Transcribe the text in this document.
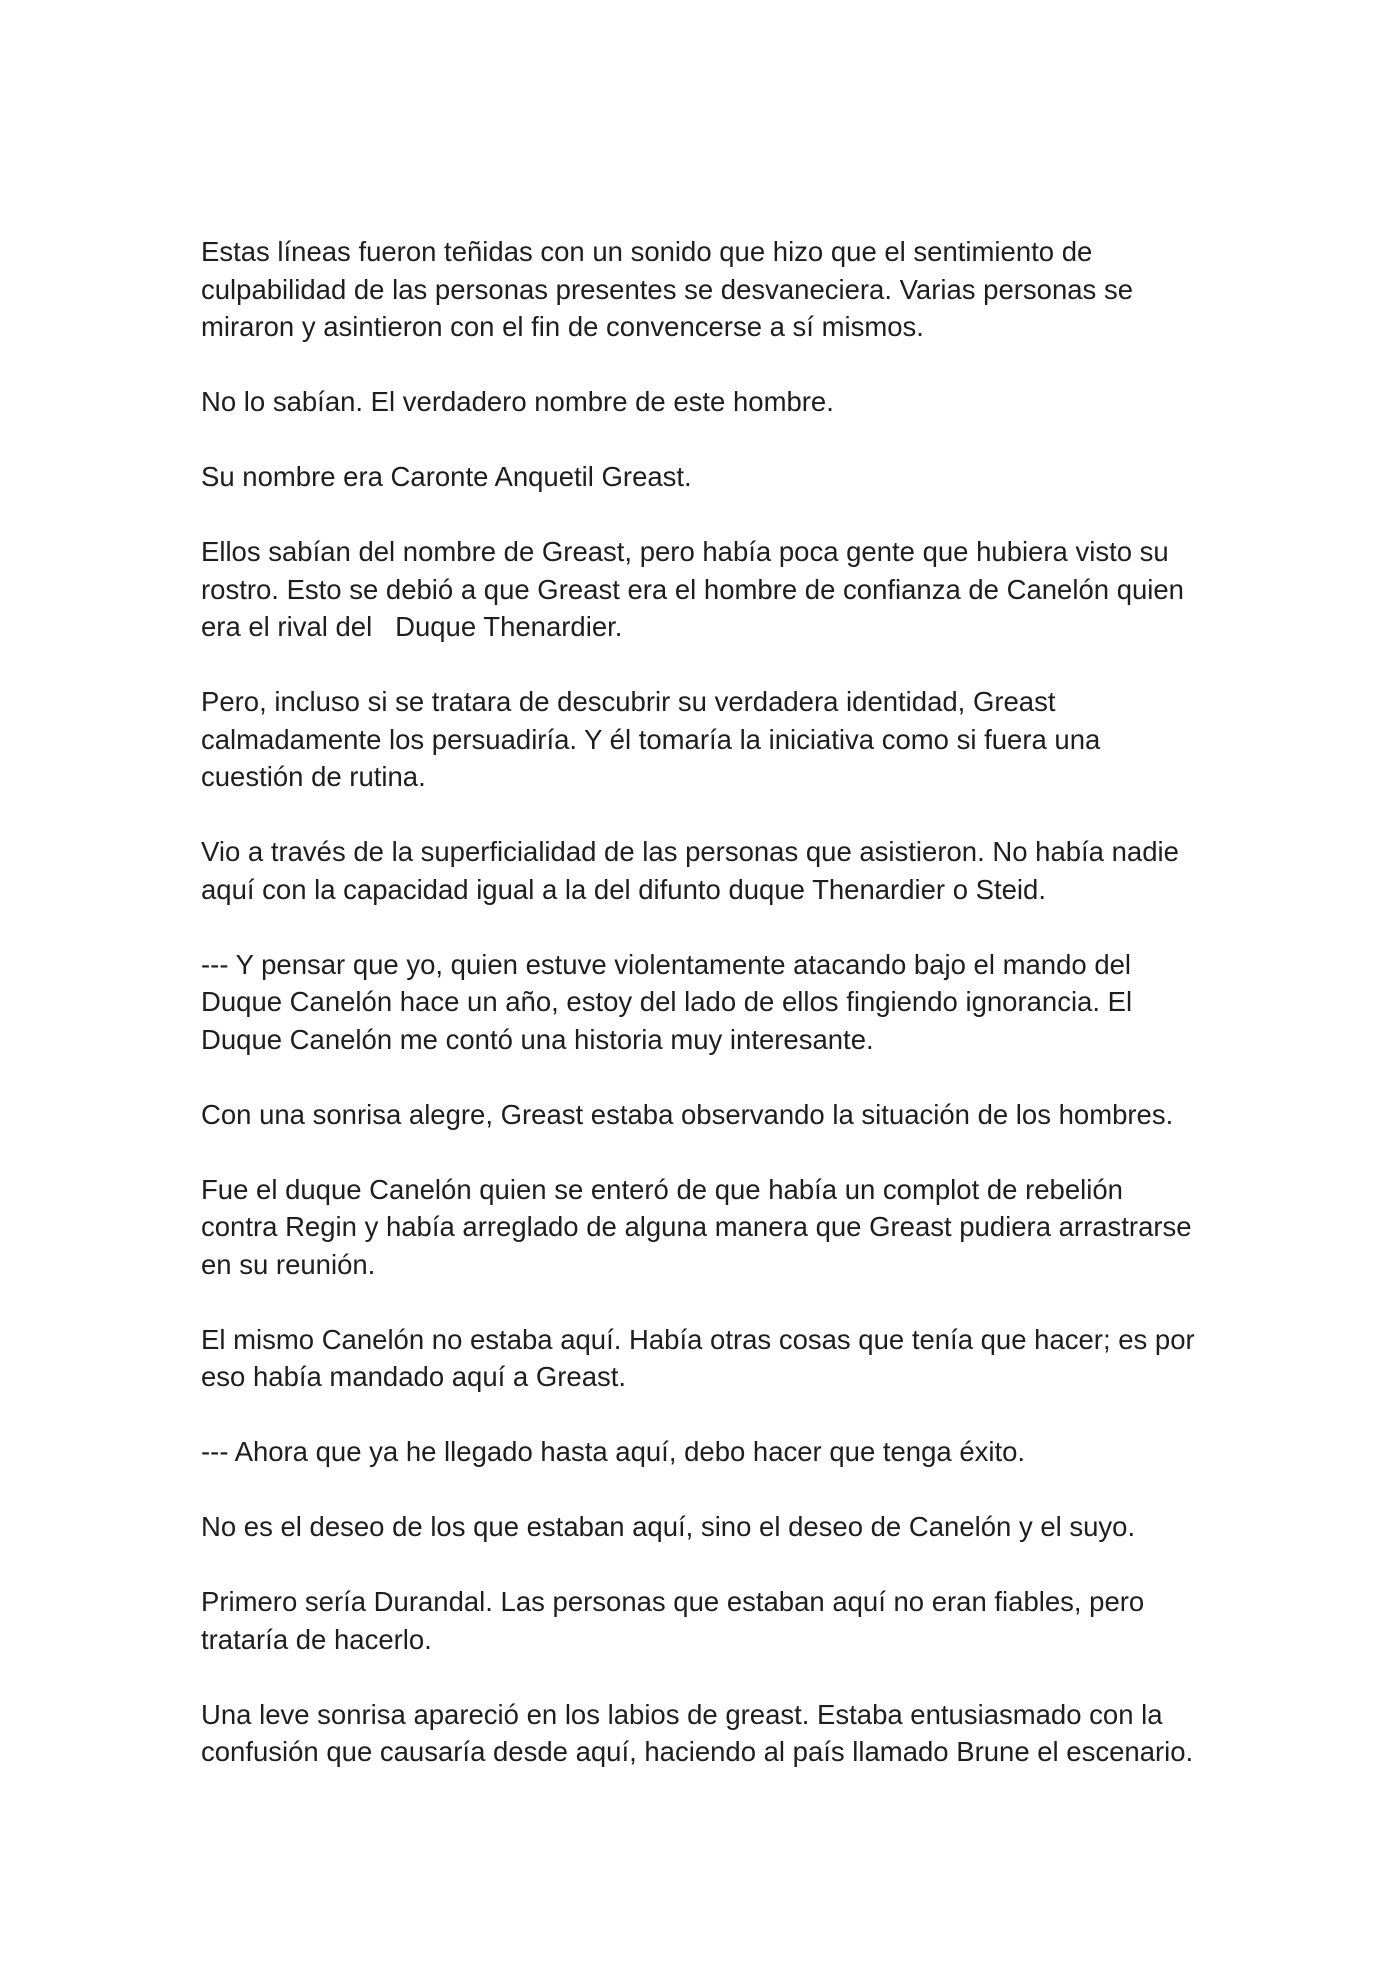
Estas líneas fueron teñidas con un sonido que hizo que el sentimiento de
culpabilidad de las personas presentes se desvaneciera. Varias personas se
miraron y asintieron con el fin de convencerse a sí mismos.

No lo sabían. El verdadero nombre de este hombre.

Su nombre era Caronte Anquetil Greast.

Ellos sabían del nombre de Greast, pero había poca gente que hubiera visto su
rostro. Esto se debió a que Greast era el hombre de confianza de Canelón quien
era el rival del   Duque Thenardier.

Pero, incluso si se tratara de descubrir su verdadera identidad, Greast
calmadamente los persuadiría. Y él tomaría la iniciativa como si fuera una
cuestión de rutina.

Vio a través de la superficialidad de las personas que asistieron. No había nadie
aquí con la capacidad igual a la del difunto duque Thenardier o Steid.

--- Y pensar que yo, quien estuve violentamente atacando bajo el mando del
Duque Canelón hace un año, estoy del lado de ellos fingiendo ignorancia. El
Duque Canelón me contó una historia muy interesante.

Con una sonrisa alegre, Greast estaba observando la situación de los hombres.

Fue el duque Canelón quien se enteró de que había un complot de rebelión
contra Regin y había arreglado de alguna manera que Greast pudiera arrastrarse
en su reunión.

El mismo Canelón no estaba aquí. Había otras cosas que tenía que hacer; es por
eso había mandado aquí a Greast.

--- Ahora que ya he llegado hasta aquí, debo hacer que tenga éxito.

No es el deseo de los que estaban aquí, sino el deseo de Canelón y el suyo.

Primero sería Durandal. Las personas que estaban aquí no eran fiables, pero
trataría de hacerlo.

Una leve sonrisa apareció en los labios de greast. Estaba entusiasmado con la
confusión que causaría desde aquí, haciendo al país llamado Brune el escenario.
